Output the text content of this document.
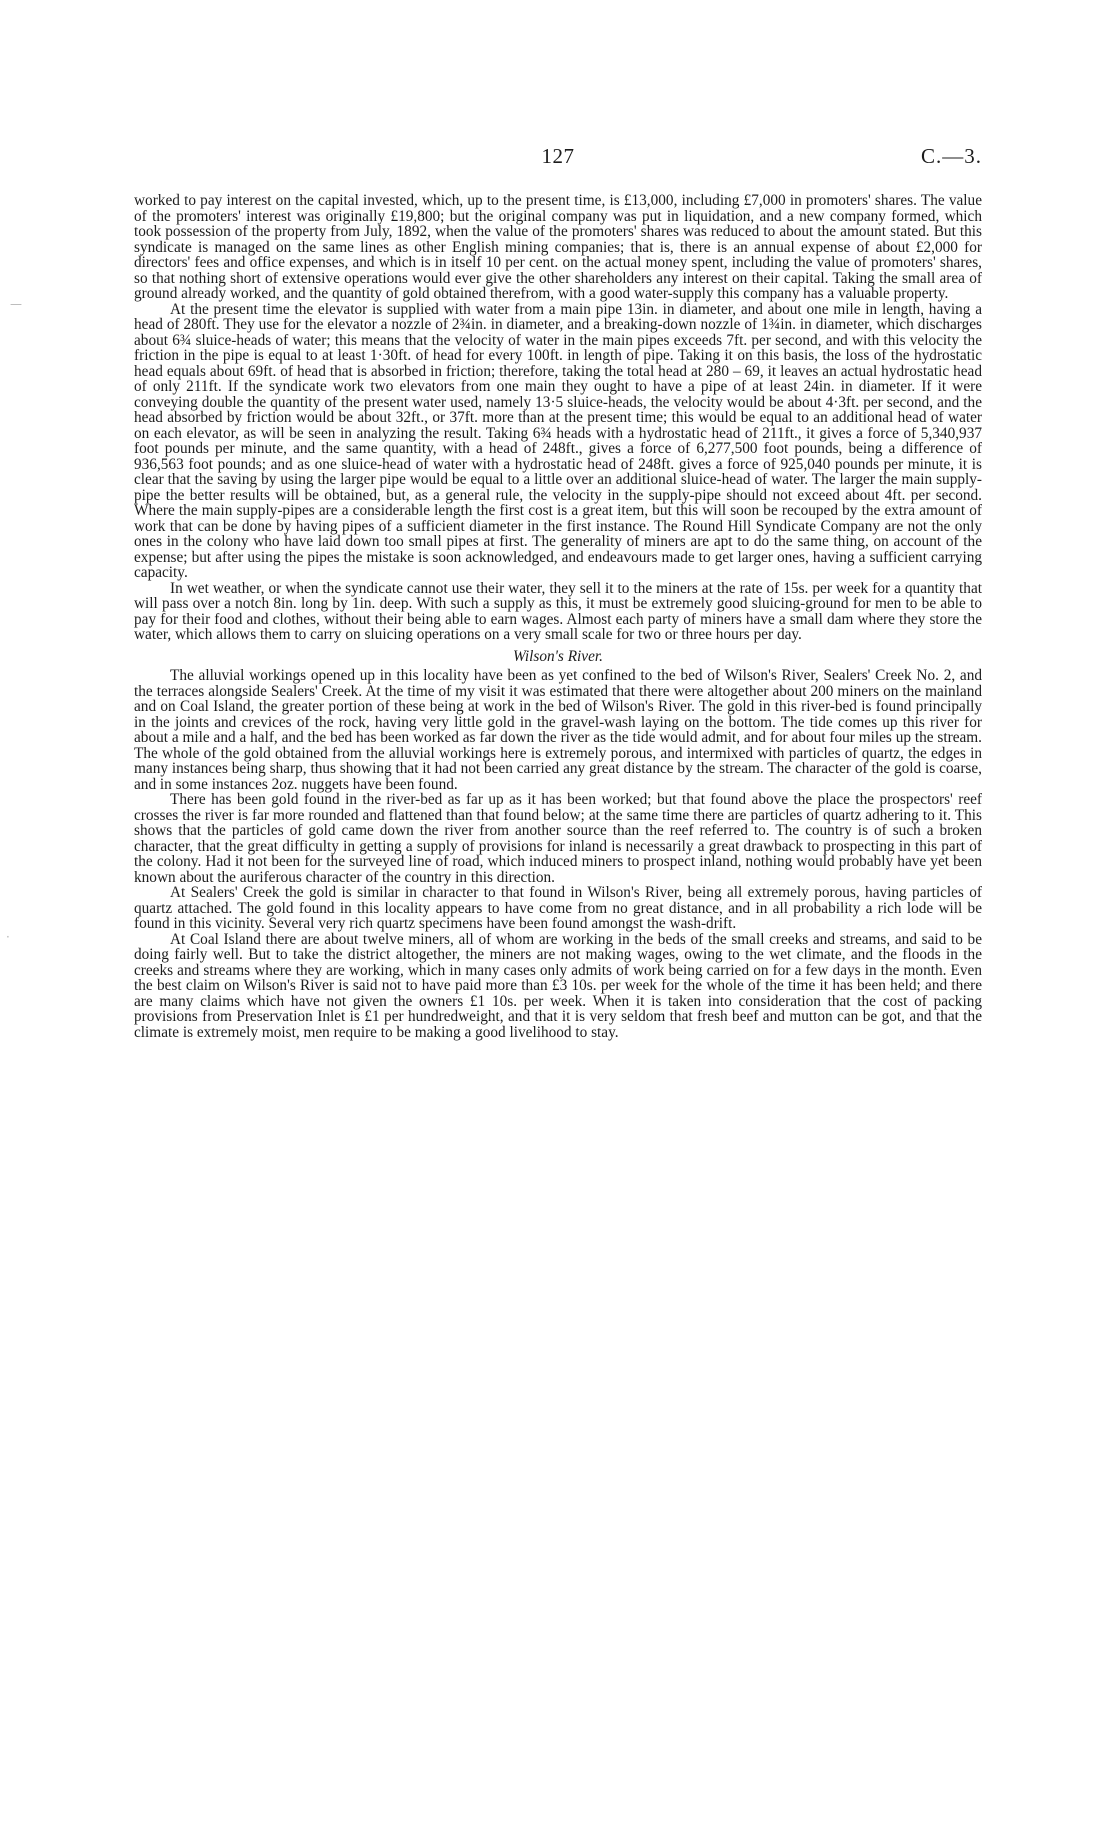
127	C.—3.
—
·

worked to pay interest on the capital invested, which, up to the present time, is £13,000, including £7,000 in promoters' shares. The value of the promoters' interest was originally £19,800; but the original company was put in liquidation, and a new company formed, which took possession of the property from July, 1892, when the value of the promoters' shares was reduced to about the amount stated. But this syndicate is managed on the same lines as other English mining companies; that is, there is an annual expense of about £2,000 for directors' fees and office expenses, and which is in itself 10 per cent. on the actual money spent, including the value of promoters' shares, so that nothing short of extensive operations would ever give the other shareholders any interest on their capital. Taking the small area of ground already worked, and the quantity of gold obtained therefrom, with a good water-supply this company has a valuable property.

At the present time the elevator is supplied with water from a main pipe 13in. in diameter, and about one mile in length, having a head of 280ft. They use for the elevator a nozzle of 2¾in. in diameter, and a breaking-down nozzle of 1¾in. in diameter, which discharges about 6¾ sluice-heads of water; this means that the velocity of water in the main pipes exceeds 7ft. per second, and with this velocity the friction in the pipe is equal to at least 1·30ft. of head for every 100ft. in length of pipe. Taking it on this basis, the loss of the hydrostatic head equals about 69ft. of head that is absorbed in friction; therefore, taking the total head at 280 – 69, it leaves an actual hydrostatic head of only 211ft. If the syndicate work two elevators from one main they ought to have a pipe of at least 24in. in diameter. If it were conveying double the quantity of the present water used, namely 13·5 sluice-heads, the velocity would be about 4·3ft. per second, and the head absorbed by friction would be about 32ft., or 37ft. more than at the present time; this would be equal to an additional head of water on each elevator, as will be seen in analyzing the result. Taking 6¾ heads with a hydrostatic head of 211ft., it gives a force of 5,340,937 foot pounds per minute, and the same quantity, with a head of 248ft., gives a force of 6,277,500 foot pounds, being a difference of 936,563 foot pounds; and as one sluice-head of water with a hydrostatic head of 248ft. gives a force of 925,040 pounds per minute, it is clear that the saving by using the larger pipe would be equal to a little over an additional sluice-head of water. The larger the main supply-pipe the better results will be obtained, but, as a general rule, the velocity in the supply-pipe should not exceed about 4ft. per second. Where the main supply-pipes are a considerable length the first cost is a great item, but this will soon be recouped by the extra amount of work that can be done by having pipes of a sufficient diameter in the first instance. The Round Hill Syndicate Company are not the only ones in the colony who have laid down too small pipes at first. The generality of miners are apt to do the same thing, on account of the expense; but after using the pipes the mistake is soon acknowledged, and endeavours made to get larger ones, having a sufficient carrying capacity.

In wet weather, or when the syndicate cannot use their water, they sell it to the miners at the rate of 15s. per week for a quantity that will pass over a notch 8in. long by 1in. deep. With such a supply as this, it must be extremely good sluicing-ground for men to be able to pay for their food and clothes, without their being able to earn wages. Almost each party of miners have a small dam where they store the water, which allows them to carry on sluicing operations on a very small scale for two or three hours per day.

Wilson's River.

The alluvial workings opened up in this locality have been as yet confined to the bed of Wilson's River, Sealers' Creek No. 2, and the terraces alongside Sealers' Creek. At the time of my visit it was estimated that there were altogether about 200 miners on the mainland and on Coal Island, the greater portion of these being at work in the bed of Wilson's River. The gold in this river-bed is found principally in the joints and crevices of the rock, having very little gold in the gravel-wash laying on the bottom. The tide comes up this river for about a mile and a half, and the bed has been worked as far down the river as the tide would admit, and for about four miles up the stream. The whole of the gold obtained from the alluvial workings here is extremely porous, and intermixed with particles of quartz, the edges in many instances being sharp, thus showing that it had not been carried any great distance by the stream. The character of the gold is coarse, and in some instances 2oz. nuggets have been found.

There has been gold found in the river-bed as far up as it has been worked; but that found above the place the prospectors' reef crosses the river is far more rounded and flattened than that found below; at the same time there are particles of quartz adhering to it. This shows that the particles of gold came down the river from another source than the reef referred to. The country is of such a broken character, that the great difficulty in getting a supply of provisions for inland is necessarily a great drawback to prospecting in this part of the colony. Had it not been for the surveyed line of road, which induced miners to prospect inland, nothing would probably have yet been known about the auriferous character of the country in this direction.

At Sealers' Creek the gold is similar in character to that found in Wilson's River, being all extremely porous, having particles of quartz attached. The gold found in this locality appears to have come from no great distance, and in all probability a rich lode will be found in this vicinity. Several very rich quartz specimens have been found amongst the wash-drift.

At Coal Island there are about twelve miners, all of whom are working in the beds of the small creeks and streams, and said to be doing fairly well. But to take the district altogether, the miners are not making wages, owing to the wet climate, and the floods in the creeks and streams where they are working, which in many cases only admits of work being carried on for a few days in the month. Even the best claim on Wilson's River is said not to have paid more than £3 10s. per week for the whole of the time it has been held; and there are many claims which have not given the owners £1 10s. per week. When it is taken into consideration that the cost of packing provisions from Preservation Inlet is £1 per hundredweight, and that it is very seldom that fresh beef and mutton can be got, and that the climate is extremely moist, men require to be making a good livelihood to stay.
